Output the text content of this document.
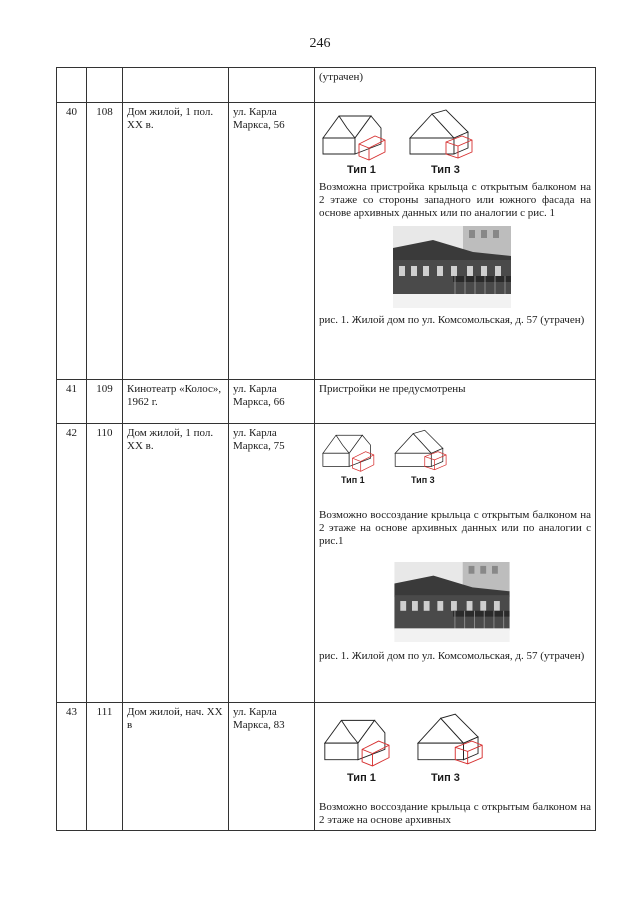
246

				(утрачен)

40	108	Дом жилой, 1 пол. ХХ в.	ул. Карла Маркса, 56	Тип 1 Тип 3
Возможна пристройка крыльца с открытым балконом на 2 этаже со стороны западного или южного фасада на основе архивных данных или по аналогии с рис. 1
рис. 1. Жилой дом по ул. Комсомольская, д. 57 (утрачен)

41	109	Кинотеатр «Колос», 1962 г.	ул. Карла Маркса, 66	Пристройки не предусмотрены

42	110	Дом жилой, 1 пол. ХХ в.	ул. Карла Маркса, 75	Тип 1 Тип 3
Возможно воссоздание крыльца с открытым балконом на 2 этаже на основе архивных данных или по аналогии с рис.1
рис. 1. Жилой дом по ул. Комсомольская, д. 57 (утрачен)

43	111	Дом жилой, нач. ХХ в	ул. Карла Маркса, 83	Тип 1 Тип 3
Возможно воссоздание крыльца с открытым балконом на 2 этаже на основе архивных
